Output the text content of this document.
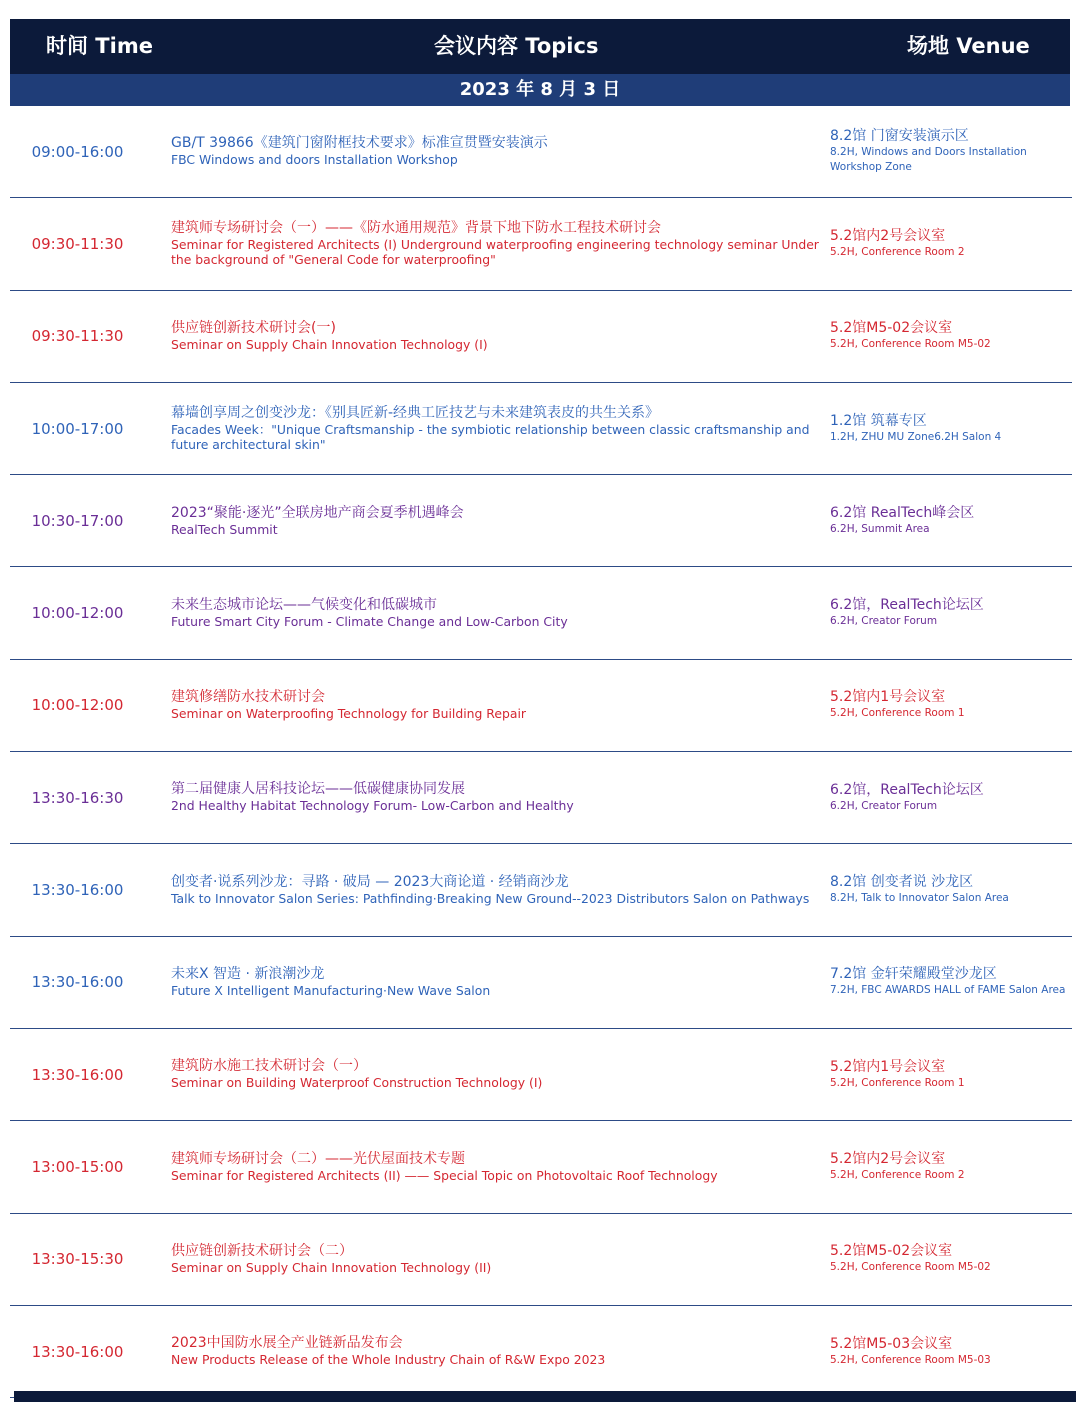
时间 Time	会议内容 Topics	场地 Venue
2023 年 8 月 3 日
09:00-16:00	GB/T 39866《建筑门窗附框技术要求》标准宣贯暨安装演示
FBC Windows and doors Installation Workshop
8.2馆 门窗安装演示区
8.2H, Windows and Doors Installation Workshop Zone
09:30-11:30
建筑师专场研讨会（一）——《防水通用规范》背景下地下防水工程技术研讨会
Seminar for Registered Architects (I) Underground waterproofing engineering technology seminar Under the background of "General Code for waterproofing"
5.2馆内2号会议室
5.2H, Conference Room 2
09:30-11:30	供应链创新技术研讨会(一)
Seminar on Supply Chain Innovation Technology (I)
5.2馆M5-02会议室
5.2H, Conference Room M5-02
10:00-17:00
幕墙创享周之创变沙龙：《别具匠新-经典工匠技艺与未来建筑表皮的共生关系》
Facades Week："Unique Craftsmanship - the symbiotic relationship between classic craftsmanship and future architectural skin"
1.2馆 筑幕专区
1.2H, ZHU MU Zone6.2H Salon 4
10:30-17:00	2023“聚能·逐光”全联房地产商会夏季机遇峰会
RealTech Summit
6.2馆 RealTech峰会区
6.2H, Summit Area
10:00-12:00	未来生态城市论坛——气候变化和低碳城市
Future Smart City Forum - Climate Change and Low-Carbon City
6.2馆，RealTech论坛区
6.2H, Creator Forum
10:00-12:00	建筑修缮防水技术研讨会
Seminar on Waterproofing Technology for Building Repair
5.2馆内1号会议室
5.2H, Conference Room 1
13:30-16:30	第二届健康人居科技论坛——低碳健康协同发展
2nd Healthy Habitat Technology Forum- Low-Carbon and Healthy
6.2馆，RealTech论坛区
6.2H, Creator Forum
13:30-16:00	创变者·说系列沙龙：寻路 · 破局 — 2023大商论道 · 经销商沙龙
Talk to Innovator Salon Series: Pathfinding·Breaking New Ground--2023 Distributors Salon on Pathways
8.2馆 创变者说 沙龙区
8.2H, Talk to Innovator Salon Area
13:30-16:00	未来X 智造 · 新浪潮沙龙
Future X Intelligent Manufacturing·New Wave Salon
7.2馆 金轩荣耀殿堂沙龙区
7.2H, FBC AWARDS HALL of FAME Salon Area
13:30-16:00	建筑防水施工技术研讨会（一）
Seminar on Building Waterproof Construction Technology (I)
5.2馆内1号会议室
5.2H, Conference Room 1
13:00-15:00	建筑师专场研讨会（二）——光伏屋面技术专题
Seminar for Registered Architects (II) —— Special Topic on Photovoltaic Roof Technology
5.2馆内2号会议室
5.2H, Conference Room 2
13:30-15:30	供应链创新技术研讨会（二）
Seminar on Supply Chain Innovation Technology (II)
5.2馆M5-02会议室
5.2H, Conference Room M5-02
13:30-16:00	2023中国防水展全产业链新品发布会
New Products Release of the Whole Industry Chain of R&W Expo 2023
5.2馆M5-03会议室
5.2H, Conference Room M5-03
